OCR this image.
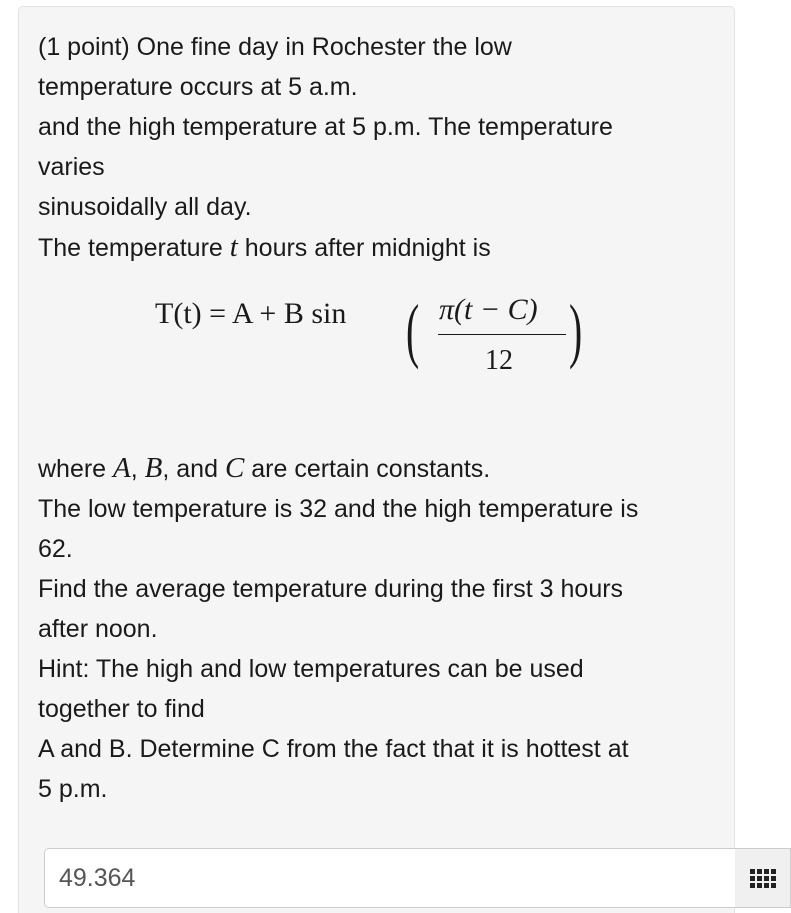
(1 point) One fine day in Rochester the low
temperature occurs at 5 a.m.
and the high temperature at 5 p.m. The temperature
varies
sinusoidally all day.
The temperature t hours after midnight is
T(t) = A + B sin ( π(t − C)
12 )
where A, B, and C are certain constants.
The low temperature is 32 and the high temperature is
62.
Find the average temperature during the first 3 hours
after noon.
Hint: The high and low temperatures can be used
together to find
A and B. Determine C from the fact that it is hottest at
5 p.m.
49.364
